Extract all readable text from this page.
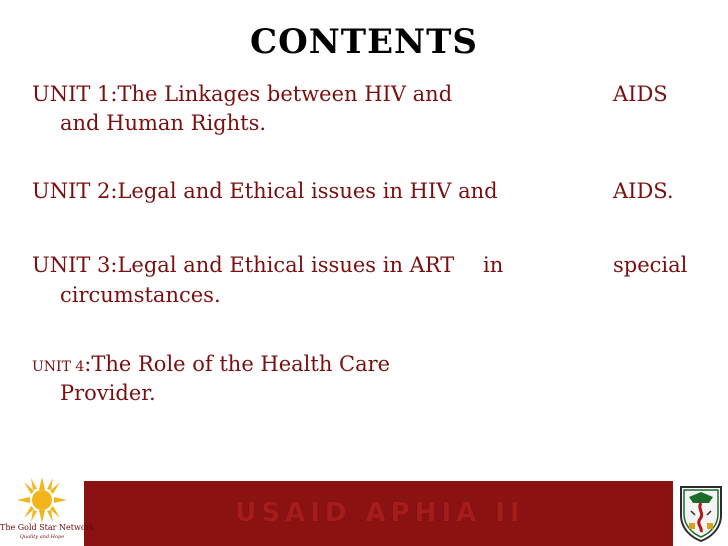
CONTENTS
UNIT 1:The Linkages between HIV and	AIDS
and Human Rights.
UNIT 2:Legal and Ethical issues in HIV and	AIDS.
UNIT 3:Legal and Ethical issues in ART in	special
circumstances.
UNIT 4:The Role of the Health Care
Provider.
USAID APHIA II
The Gold Star Network
Quality and Hope
